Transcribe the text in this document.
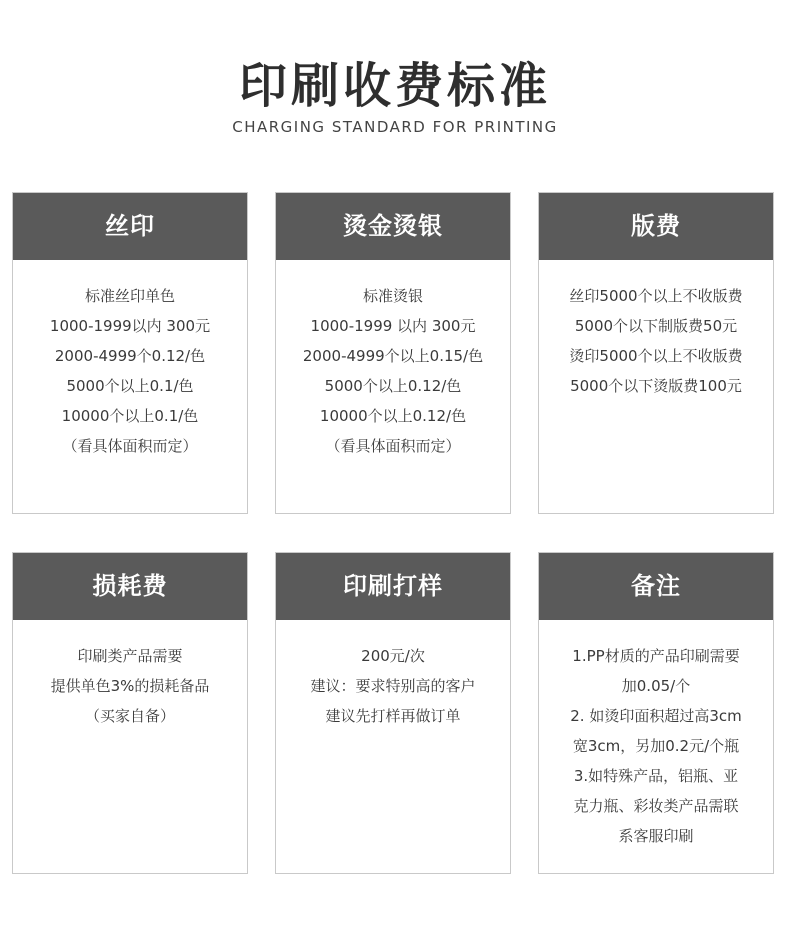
印刷收费标准
CHARGING STANDARD FOR PRINTING
丝印
标准丝印单色
1000-1999以内 300元
2000-4999个0.12/色
5000个以上0.1/色
10000个以上0.1/色
（看具体面积而定）
烫金烫银
标准烫银
1000-1999 以内 300元
2000-4999个以上0.15/色
5000个以上0.12/色
10000个以上0.12/色
（看具体面积而定）
版费
丝印5000个以上不收版费
5000个以下制版费50元
烫印5000个以上不收版费
5000个以下烫版费100元
损耗费
印刷类产品需要
提供单色3%的损耗备品
（买家自备）
印刷打样
200元/次
建议：要求特别高的客户
建议先打样再做订单
备注
1.PP材质的产品印刷需要
加0.05/个
2. 如烫印面积超过高3cm
宽3cm，另加0.2元/个瓶
3.如特殊产品，铝瓶、亚
克力瓶、彩妆类产品需联
系客服印刷
